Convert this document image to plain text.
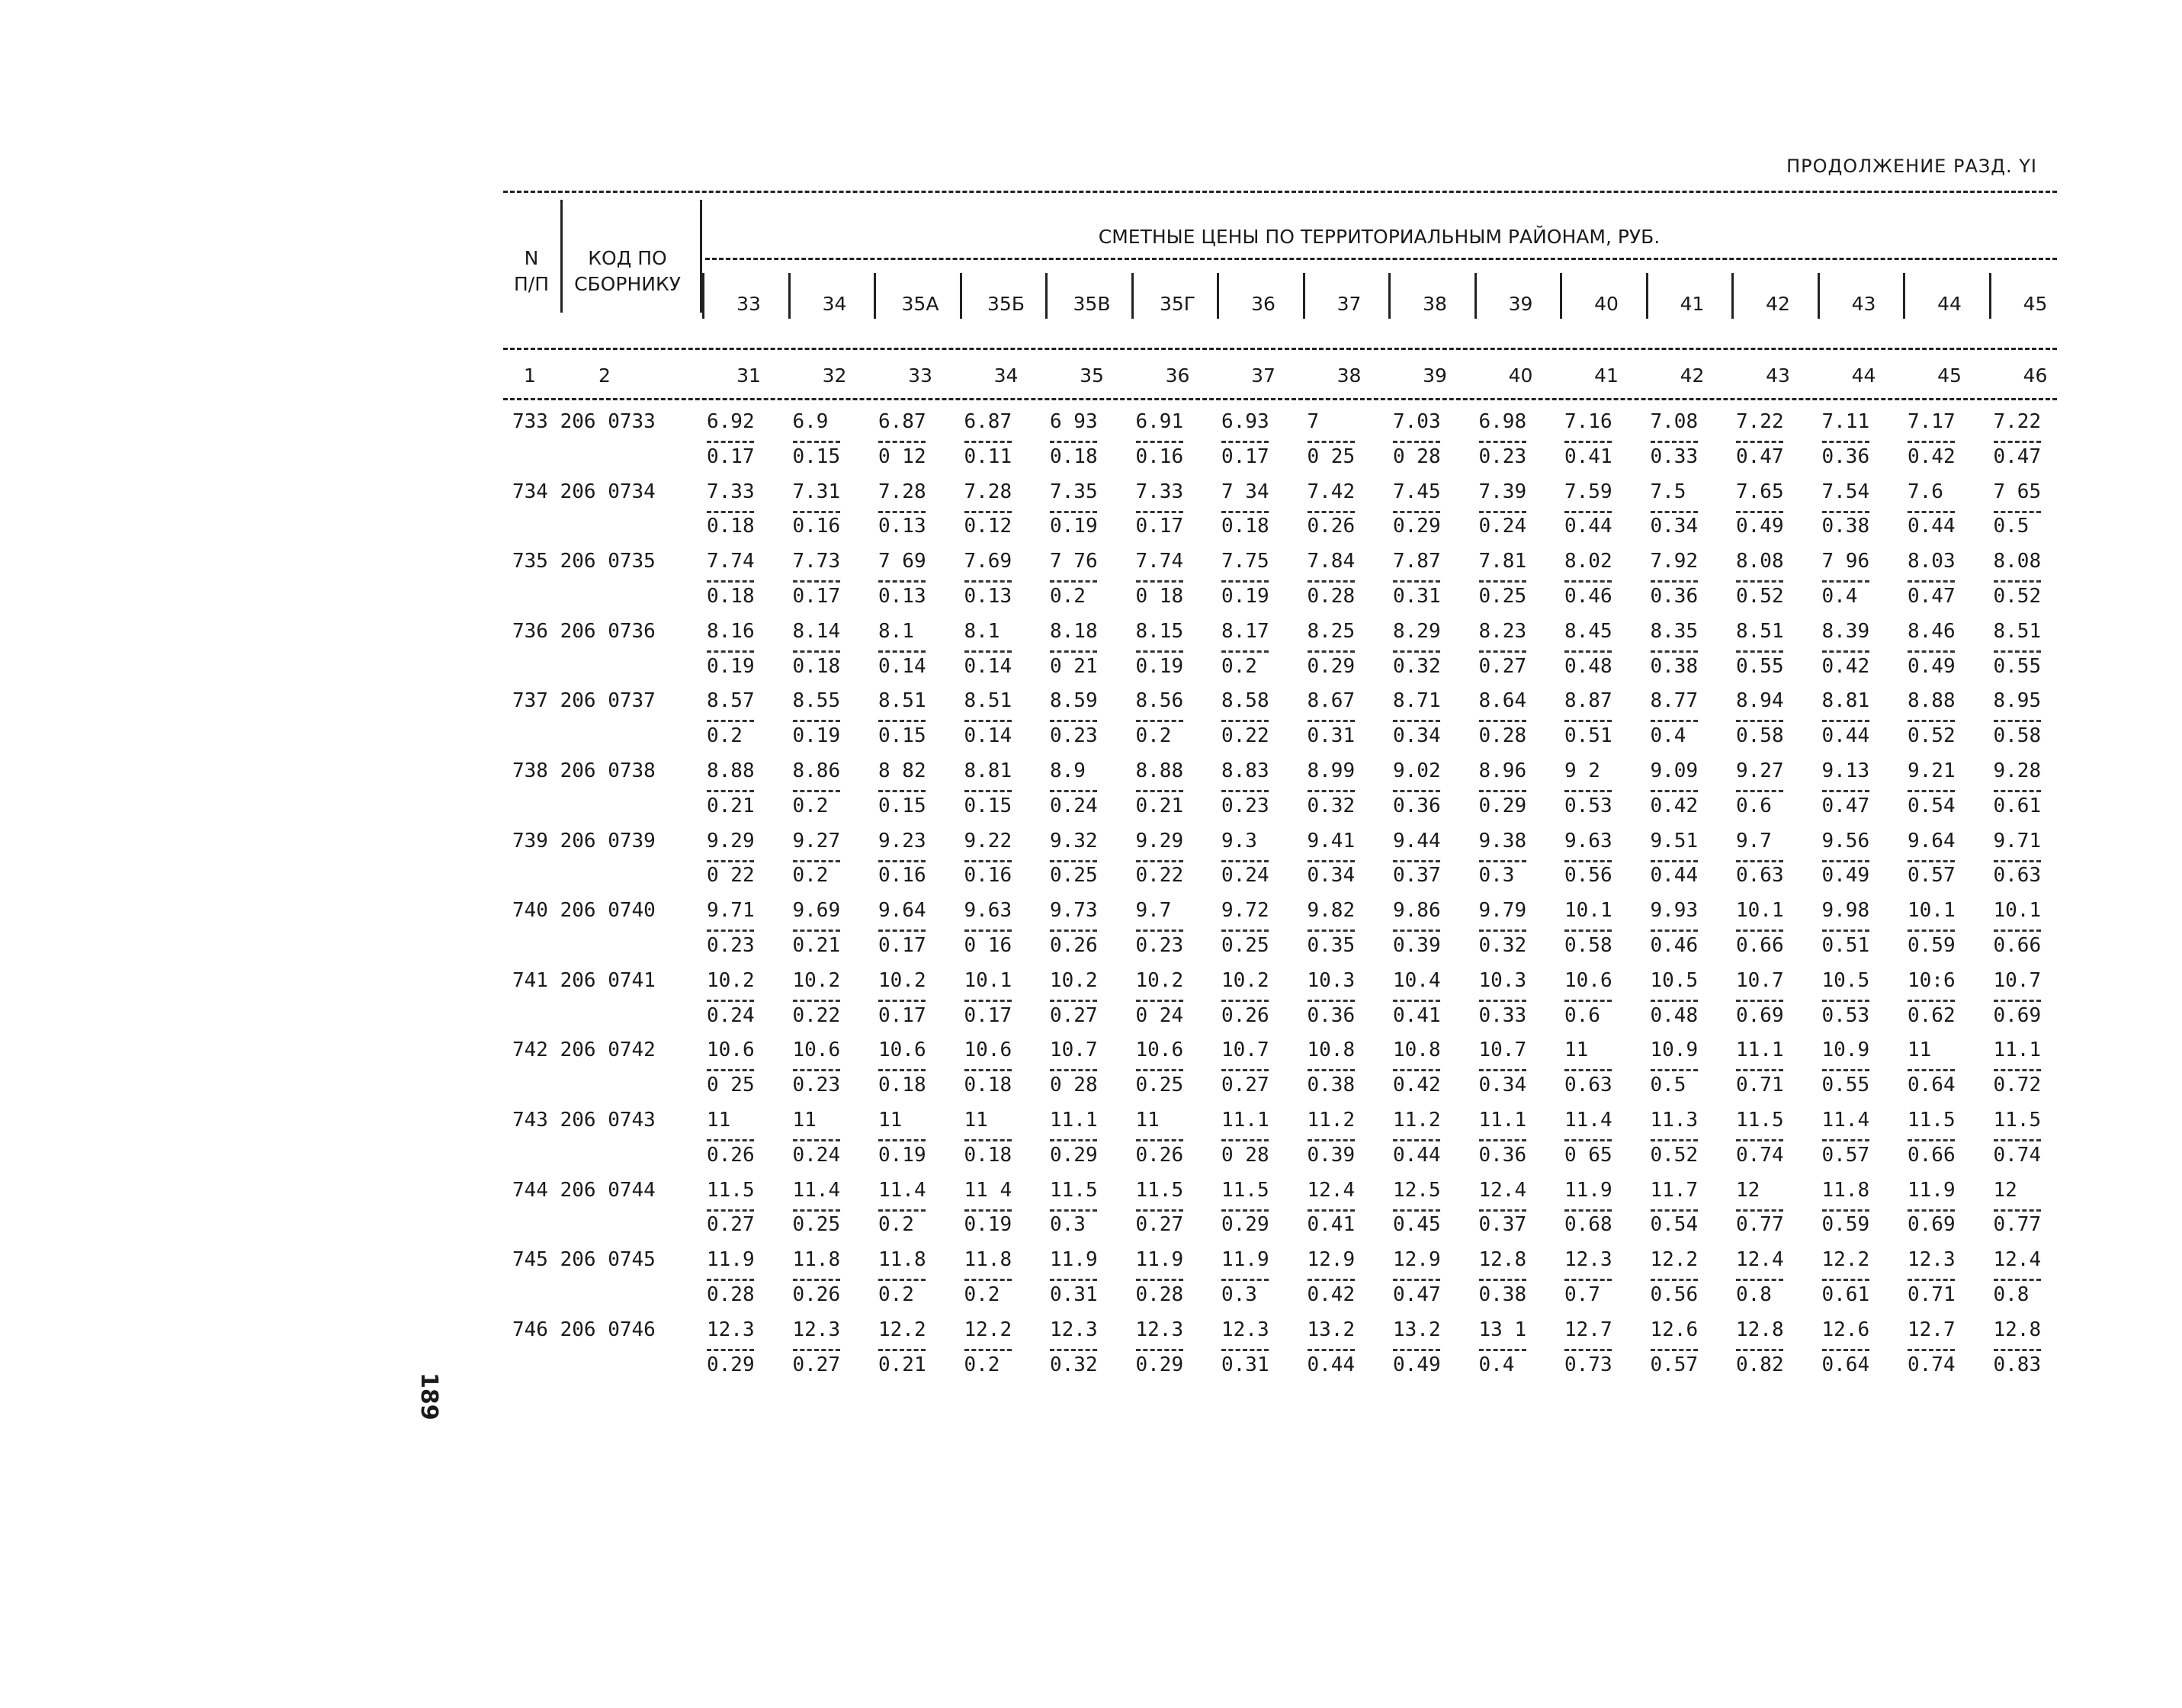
ПРОДОЛЖЕНИЕ РАЗД. YI
N
П/П
КОД ПО
СБОРНИКУ
СМЕТНЫЕ ЦЕНЫ ПО ТЕРРИТОРИАЛЬНЫМ РАЙОНАМ, РУБ.
33	34	35А	35Б	35В	35Г	36	37	38	39	40	41	42	43	44	45
1	2	31	32	33	34	35	36	37	38	39	40	41	42	43	44	45	46
733 206 0733	6.92	6.9	6.87	6.87	6 93	6.91	6.93	7	7.03	6.98	7.16	7.08	7.22	7.11	7.17	7.22
0.17	0.15	0 12	0.11	0.18	0.16	0.17	0 25	0 28	0.23	0.41	0.33	0.47	0.36	0.42	0.47
734 206 0734	7.33	7.31	7.28	7.28	7.35	7.33	7 34	7.42	7.45	7.39	7.59	7.5	7.65	7.54	7.6	7 65
0.18	0.16	0.13	0.12	0.19	0.17	0.18	0.26	0.29	0.24	0.44	0.34	0.49	0.38	0.44	0.5
735 206 0735	7.74	7.73	7 69	7.69	7 76	7.74	7.75	7.84	7.87	7.81	8.02	7.92	8.08	7 96	8.03	8.08
0.18	0.17	0.13	0.13	0.2	0 18	0.19	0.28	0.31	0.25	0.46	0.36	0.52	0.4	0.47	0.52
736 206 0736	8.16	8.14	8.1	8.1	8.18	8.15	8.17	8.25	8.29	8.23	8.45	8.35	8.51	8.39	8.46	8.51
0.19	0.18	0.14	0.14	0 21	0.19	0.2	0.29	0.32	0.27	0.48	0.38	0.55	0.42	0.49	0.55
737 206 0737	8.57	8.55	8.51	8.51	8.59	8.56	8.58	8.67	8.71	8.64	8.87	8.77	8.94	8.81	8.88	8.95
0.2	0.19	0.15	0.14	0.23	0.2	0.22	0.31	0.34	0.28	0.51	0.4	0.58	0.44	0.52	0.58
738 206 0738	8.88	8.86	8 82	8.81	8.9	8.88	8.83	8.99	9.02	8.96	9 2	9.09	9.27	9.13	9.21	9.28
0.21	0.2	0.15	0.15	0.24	0.21	0.23	0.32	0.36	0.29	0.53	0.42	0.6	0.47	0.54	0.61
739 206 0739	9.29	9.27	9.23	9.22	9.32	9.29	9.3	9.41	9.44	9.38	9.63	9.51	9.7	9.56	9.64	9.71
0 22	0.2	0.16	0.16	0.25	0.22	0.24	0.34	0.37	0.3	0.56	0.44	0.63	0.49	0.57	0.63
740 206 0740	9.71	9.69	9.64	9.63	9.73	9.7	9.72	9.82	9.86	9.79	10.1	9.93	10.1	9.98	10.1	10.1
0.23	0.21	0.17	0 16	0.26	0.23	0.25	0.35	0.39	0.32	0.58	0.46	0.66	0.51	0.59	0.66
741 206 0741	10.2	10.2	10.2	10.1	10.2	10.2	10.2	10.3	10.4	10.3	10.6	10.5	10.7	10.5	10:6	10.7
0.24	0.22	0.17	0.17	0.27	0 24	0.26	0.36	0.41	0.33	0.6	0.48	0.69	0.53	0.62	0.69
742 206 0742	10.6	10.6	10.6	10.6	10.7	10.6	10.7	10.8	10.8	10.7	11	10.9	11.1	10.9	11	11.1
0 25	0.23	0.18	0.18	0 28	0.25	0.27	0.38	0.42	0.34	0.63	0.5	0.71	0.55	0.64	0.72
743 206 0743	11	11	11	11	11.1	11	11.1	11.2	11.2	11.1	11.4	11.3	11.5	11.4	11.5	11.5
0.26	0.24	0.19	0.18	0.29	0.26	0 28	0.39	0.44	0.36	0 65	0.52	0.74	0.57	0.66	0.74
744 206 0744	11.5	11.4	11.4	11 4	11.5	11.5	11.5	12.4	12.5	12.4	11.9	11.7	12	11.8	11.9	12
0.27	0.25	0.2	0.19	0.3	0.27	0.29	0.41	0.45	0.37	0.68	0.54	0.77	0.59	0.69	0.77
745 206 0745	11.9	11.8	11.8	11.8	11.9	11.9	11.9	12.9	12.9	12.8	12.3	12.2	12.4	12.2	12.3	12.4
0.28	0.26	0.2	0.2	0.31	0.28	0.3	0.42	0.47	0.38	0.7	0.56	0.8	0.61	0.71	0.8
746 206 0746	12.3	12.3	12.2	12.2	12.3	12.3	12.3	13.2	13.2	13 1	12.7	12.6	12.8	12.6	12.7	12.8
0.29	0.27	0.21	0.2	0.32	0.29	0.31	0.44	0.49	0.4	0.73	0.57	0.82	0.64	0.74	0.83
189
